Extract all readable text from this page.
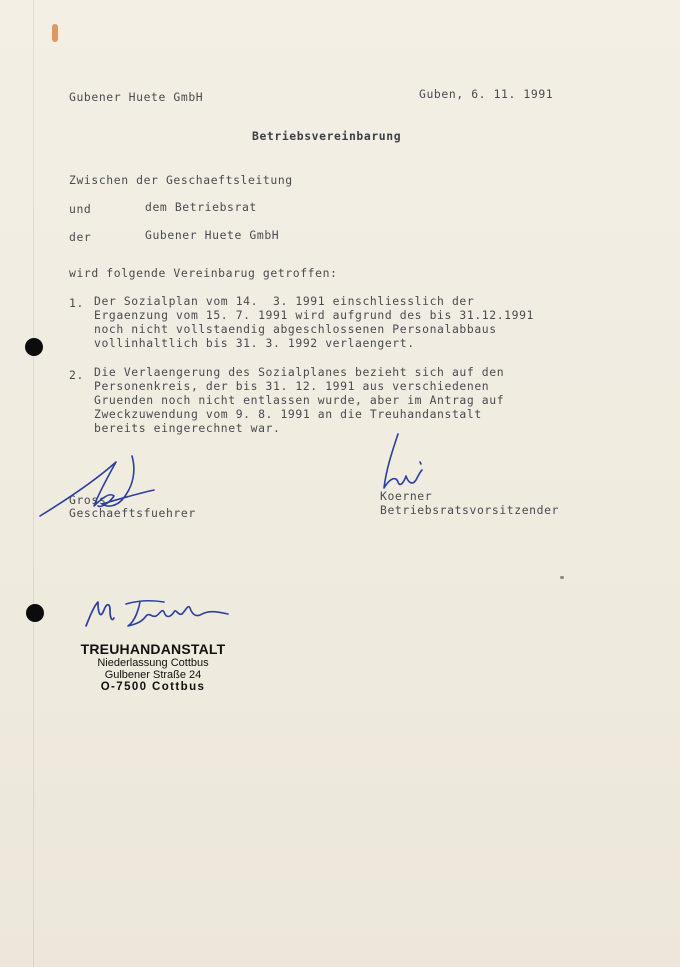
Gubener Huete GmbH	Guben, 6. 11. 1991
Betriebsvereinbarung
Zwischen der Geschaeftsleitung
und	dem Betriebsrat
der	Gubener Huete GmbH
wird folgende Vereinbarug getroffen:
1. Der Sozialplan vom 14.  3. 1991 einschliesslich der
Ergaenzung vom 15. 7. 1991 wird aufgrund des bis 31.12.1991
noch nicht vollstaendig abgeschlossenen Personalabbaus
vollinhaltlich bis 31. 3. 1992 verlaengert.
2. Die Verlaengerung des Sozialplanes bezieht sich auf den
Personenkreis, der bis 31. 12. 1991 aus verschiedenen
Gruenden noch nicht entlassen wurde, aber im Antrag auf
Zweckzuwendung vom 9. 8. 1991 an die Treuhandanstalt
bereits eingerechnet war.
Gross
Geschaeftsfuehrer
Koerner
Betriebsratsvorsitzender
TREUHANDANSTALT
Niederlassung Cottbus
Gulbener Straße 24
O-7500 Cottbus
